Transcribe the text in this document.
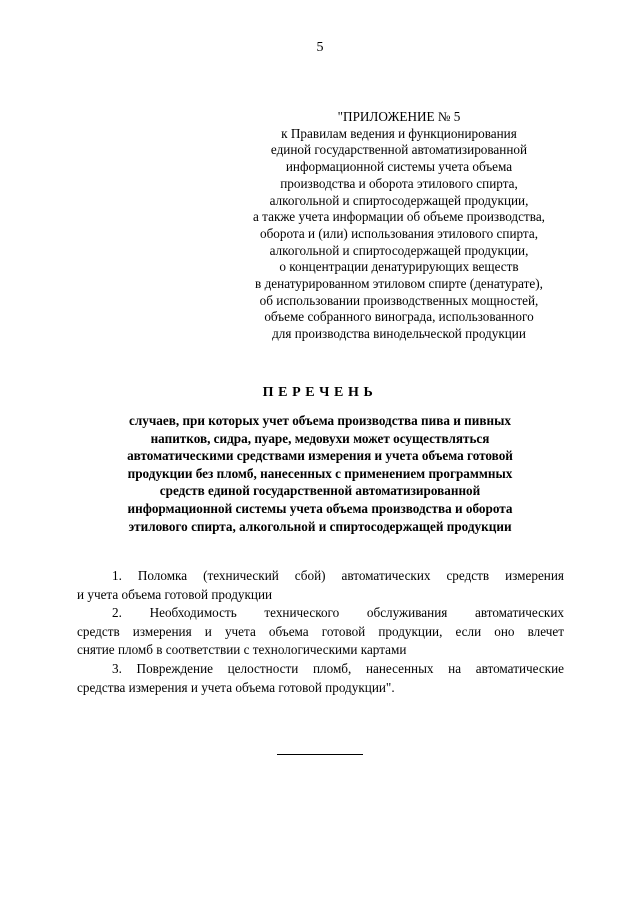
5
"ПРИЛОЖЕНИЕ № 5
к Правилам ведения и функционирования
единой государственной автоматизированной
информационной системы учета объема
производства и оборота этилового спирта,
алкогольной и спиртосодержащей продукции,
а также учета информации об объеме производства,
оборота и (или) использования этилового спирта,
алкогольной и спиртосодержащей продукции,
о концентрации денатурирующих веществ
в денатурированном этиловом спирте (денатурате),
об использовании производственных мощностей,
объеме собранного винограда, использованного
для производства винодельческой продукции
ПЕРЕЧЕНЬ
случаев, при которых учет объема производства пива и пивных
напитков, сидра, пуаре, медовухи может осуществляться
автоматическими средствами измерения и учета объема готовой
продукции без пломб, нанесенных с применением программных
средств единой государственной автоматизированной
информационной системы учета объема производства и оборота
этилового спирта, алкогольной и спиртосодержащей продукции
1. Поломка (технический сбой) автоматических средств измерения
и учета объема готовой продукции
2. Необходимость технического обслуживания автоматических
средств измерения и учета объема готовой продукции, если оно влечет
снятие пломб в соответствии с технологическими картами
3. Повреждение целостности пломб, нанесенных на автоматические
средства измерения и учета объема готовой продукции".
